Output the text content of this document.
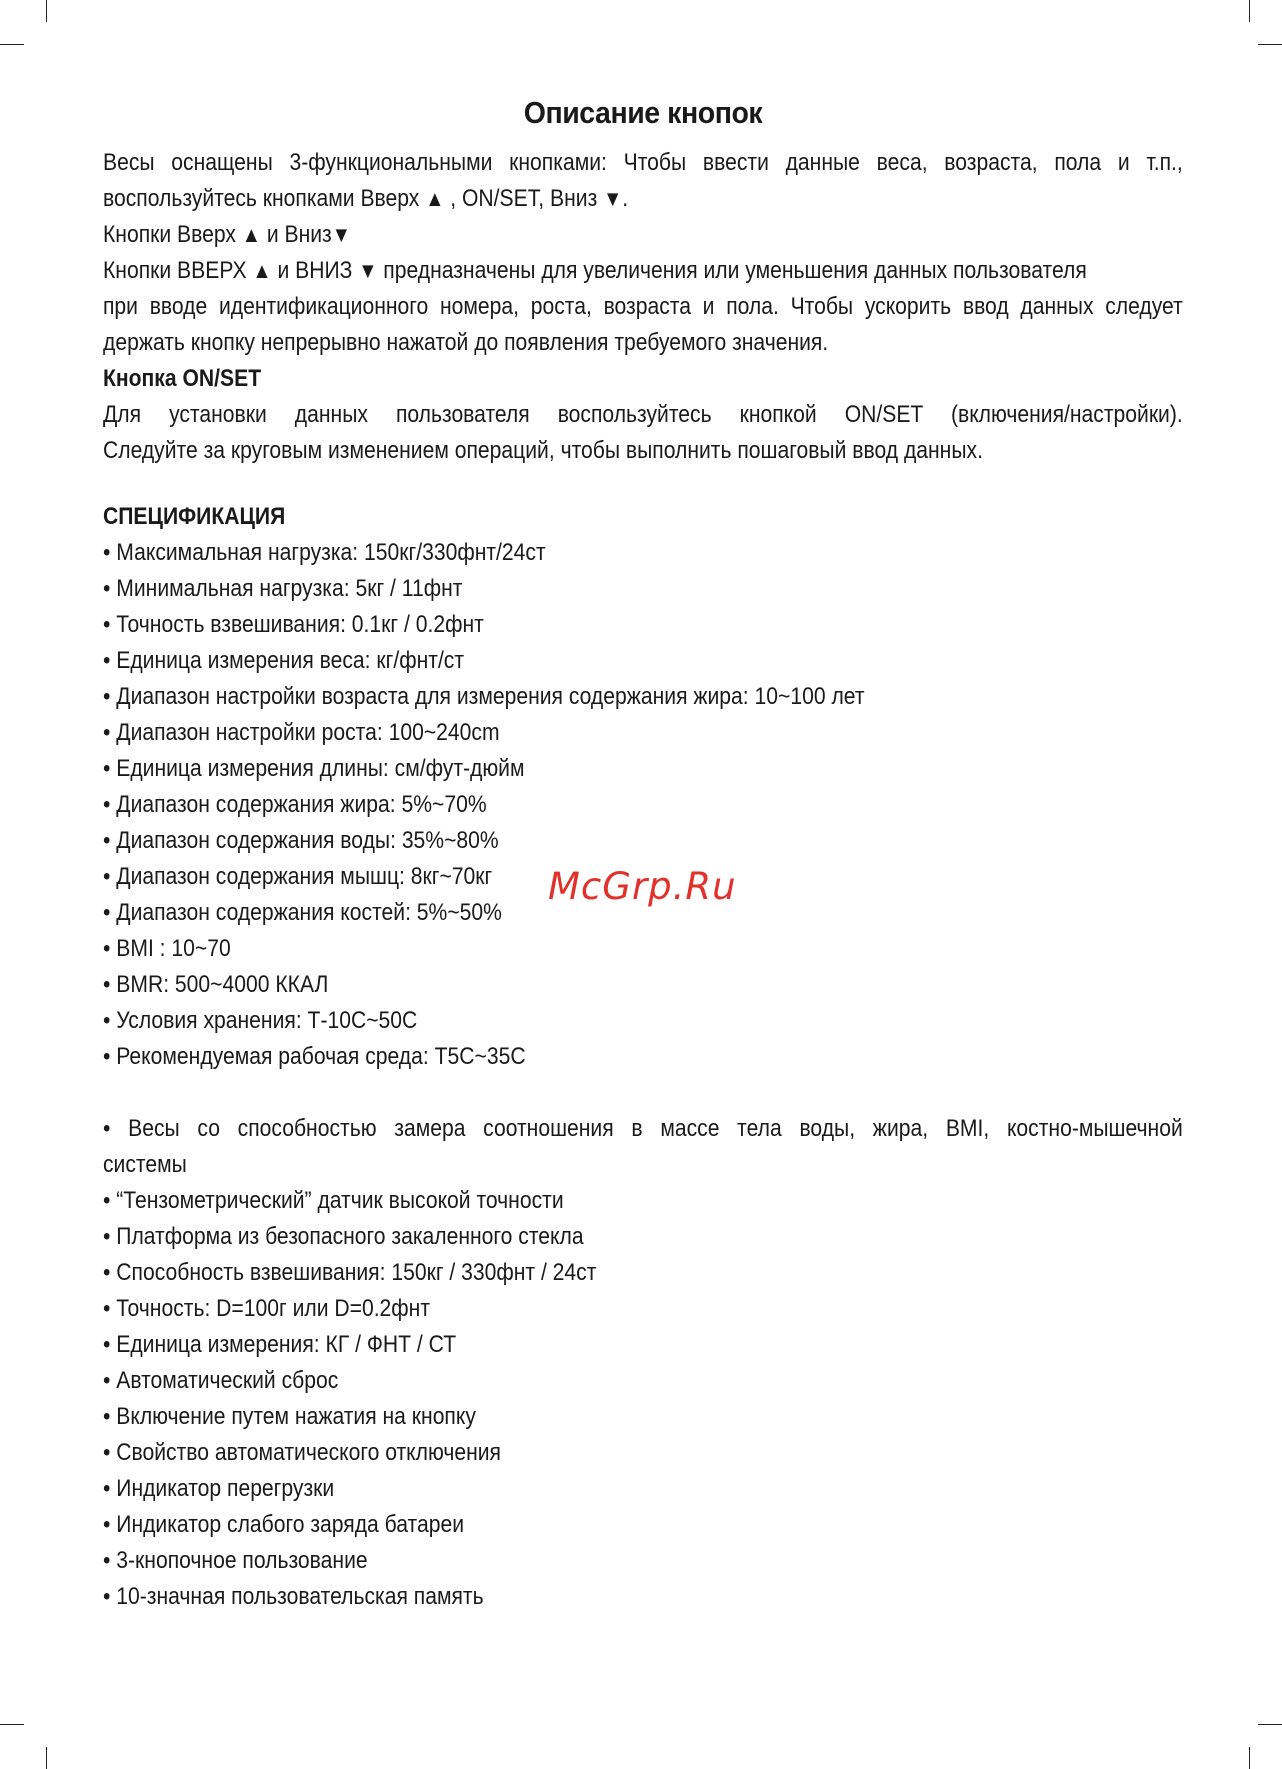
Описание кнопок

Весы оснащены 3-функциональными кнопками: Чтобы ввести данные веса, возраста, пола и т.п.,

воспользуйтесь кнопками Вверх ▲ , ON/SET, Вниз ▼.

Кнопки Вверх ▲ и Вниз▼

Кнопки ВВЕРХ ▲ и ВНИЗ ▼ предназначены для увеличения или уменьшения данных пользователя

при вводе идентификационного номера, роста, возраста и пола. Чтобы ускорить ввод данных следует

держать кнопку непрерывно нажатой до появления требуемого значения.

Кнопка ON/SET

Для установки данных пользователя воспользуйтесь кнопкой ON/SET (включения/настройки).

Следуйте за круговым изменением операций, чтобы выполнить пошаговый ввод данных.

СПЕЦИФИКАЦИЯ

• Максимальная нагрузка: 150кг/330фнт/24ст

• Минимальная нагрузка: 5кг / 11фнт

• Точность взвешивания: 0.1кг / 0.2фнт

• Единица измерения веса: кг/фнт/ст

• Диапазон настройки возраста для измерения содержания жира: 10~100 лет

• Диапазон настройки роста: 100~240cm

• Единица измерения длины: см/фут-дюйм

• Диапазон содержания жира: 5%~70%

• Диапазон содержания воды: 35%~80%

• Диапазон содержания мышц: 8кг~70кг

• Диапазон содержания костей: 5%~50%

• BMI : 10~70

• BMR: 500~4000 ККАЛ

• Условия хранения: Т-10С~50С

• Рекомендуемая рабочая среда: Т5С~35С

• Весы со способностью замера соотношения в массе тела воды, жира, BMI, костно-мышечной

системы

• “Тензометрический” датчик высокой точности

• Платформа из безопасного закаленного стекла

• Способность взвешивания: 150кг / 330фнт / 24ст

• Точность: D=100г или D=0.2фнт

• Единица измерения: КГ / ФНТ / СТ

• Автоматический сброс

• Включение путем нажатия на кнопку

• Свойство автоматического отключения

• Индикатор перегрузки

• Индикатор слабого заряда батареи

• 3-кнопочное пользование

• 10-значная пользовательская память

McGrp.Ru
